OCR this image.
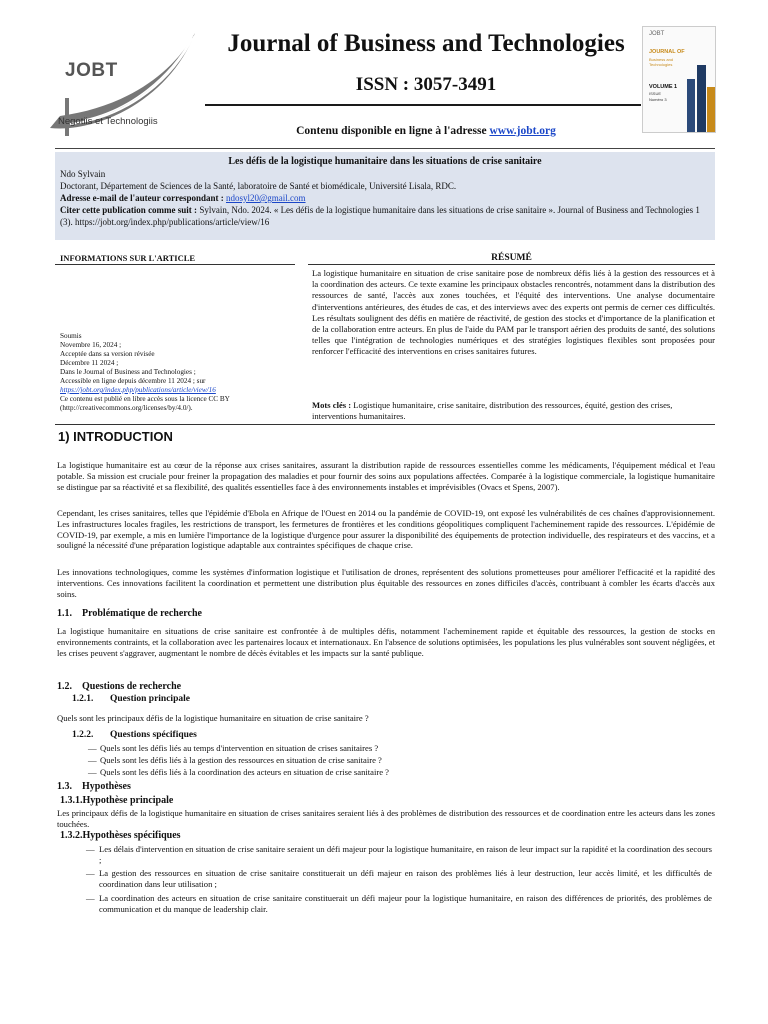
JOBT
Negotiis et Technologiis
Journal of Business and Technologies
ISSN : 3057-3491
Contenu disponible en ligne à l'adresse www.jobt.org
JOBT
JOURNAL OF
Business and Technologies
VOLUME 1
ISSUE
Numéro 3
Les défis de la logistique humanitaire dans les situations de crise sanitaire
Ndo Sylvain
Doctorant, Département de Sciences de la Santé, laboratoire de Santé et biomédicale, Université Lisala, RDC.
Adresse e-mail de l'auteur correspondant : ndosyl20@gmail.com
Citer cette publication comme suit : Sylvain, Ndo. 2024. « Les défis de la logistique humanitaire dans les situations de crise sanitaire ». Journal of Business and Technologies 1 (3). https://jobt.org/index.php/publications/article/view/16
INFORMATIONS SUR L'ARTICLE	RÉSUMÉ
Soumis
Novembre 16, 2024 ;
Acceptée dans sa version révisée
Décembre 11 2024 ;
Dans le Journal of Business and Technologies ;
Accessible en ligne depuis décembre 11 2024 ; sur
https://jobt.org/index.php/publications/article/view/16
Ce contenu est publié en libre accès sous la licence CC BY (http://creativecommons.org/licenses/by/4.0/).
La logistique humanitaire en situation de crise sanitaire pose de nombreux défis liés à la gestion des ressources et à la coordination des acteurs. Ce texte examine les principaux obstacles rencontrés, notamment dans la distribution des ressources de santé, l'accès aux zones touchées, et l'équité des interventions. Une analyse documentaire d'interventions antérieures, des études de cas, et des interviews avec des experts ont permis de cerner ces difficultés. Les résultats soulignent des défis en matière de réactivité, de gestion des stocks et d'importance de la planification et de la collaboration entre acteurs. En plus de l'aide du PAM par le transport aérien des produits de santé, des solutions telles que l'intégration de technologies numériques et des stratégies logistiques flexibles sont proposées pour renforcer l'efficacité des interventions en crises sanitaires futures.
Mots clés : Logistique humanitaire, crise sanitaire, distribution des ressources, équité, gestion des crises, interventions humanitaires.
1) INTRODUCTION
La logistique humanitaire est au cœur de la réponse aux crises sanitaires, assurant la distribution rapide de ressources essentielles comme les médicaments, l'équipement médical et l'eau potable. Sa mission est cruciale pour freiner la propagation des maladies et pour fournir des soins aux populations affectées. Comparée à la logistique commerciale, la logistique humanitaire se distingue par sa réactivité et sa flexibilité, des qualités essentielles face à des environnements instables et imprévisibles (Ovacs et Spens, 2007).
Cependant, les crises sanitaires, telles que l'épidémie d'Ebola en Afrique de l'Ouest en 2014 ou la pandémie de COVID-19, ont exposé les vulnérabilités de ces chaînes d'approvisionnement. Les infrastructures locales fragiles, les restrictions de transport, les fermetures de frontières et les conditions géopolitiques compliquent l'acheminement rapide des ressources. L'épidémie de COVID-19, par exemple, a mis en lumière l'importance de la logistique d'urgence pour assurer la disponibilité des équipements de protection individuelle, des respirateurs et des vaccins, et a souligné la nécessité d'une préparation logistique adaptable aux contraintes spécifiques de chaque crise.
Les innovations technologiques, comme les systèmes d'information logistique et l'utilisation de drones, représentent des solutions prometteuses pour améliorer l'efficacité et la rapidité des interventions. Ces innovations facilitent la coordination et permettent une distribution plus équitable des ressources en zones difficiles d'accès, contribuant à combler les écarts d'accès aux soins.
1.1.    Problématique de recherche
La logistique humanitaire en situations de crise sanitaire est confrontée à de multiples défis, notamment l'acheminement rapide et équitable des ressources, la gestion de stocks en environnements contraints, et la collaboration avec les partenaires locaux et internationaux. En l'absence de solutions optimisées, les populations les plus vulnérables sont souvent négligées, et les crises peuvent s'aggraver, augmentant le nombre de décès évitables et les impacts sur la santé publique.
1.2.    Questions de recherche
1.2.1.       Question principale
Quels sont les principaux défis de la logistique humanitaire en situation de crise sanitaire ?
1.2.2.       Questions spécifiques
— Quels sont les défis liés au temps d'intervention en situation de crises sanitaires ?
— Quels sont les défis liés à la gestion des ressources en situation de crise sanitaire ?
— Quels sont les défis liés à la coordination des acteurs en situation de crise sanitaire ?
1.3.    Hypothèses
1.3.1.Hypothèse principale
Les principaux défis de la logistique humanitaire en situation de crises sanitaires seraient liés à des problèmes de distribution des ressources et de coordination entre les acteurs dans les zones touchées.
1.3.2.Hypothèses spécifiques
— Les délais d'intervention en situation de crise sanitaire seraient un défi majeur pour la logistique humanitaire, en raison de leur impact sur la rapidité et la coordination des secours ;
— La gestion des ressources en situation de crise sanitaire constituerait un défi majeur en raison des problèmes liés à leur destruction, leur accès limité, et les difficultés de coordination dans leur utilisation ;
— La coordination des acteurs en situation de crise sanitaire constituerait un défi majeur pour la logistique humanitaire, en raison des différences de priorités, des problèmes de communication et du manque de leadership clair.
